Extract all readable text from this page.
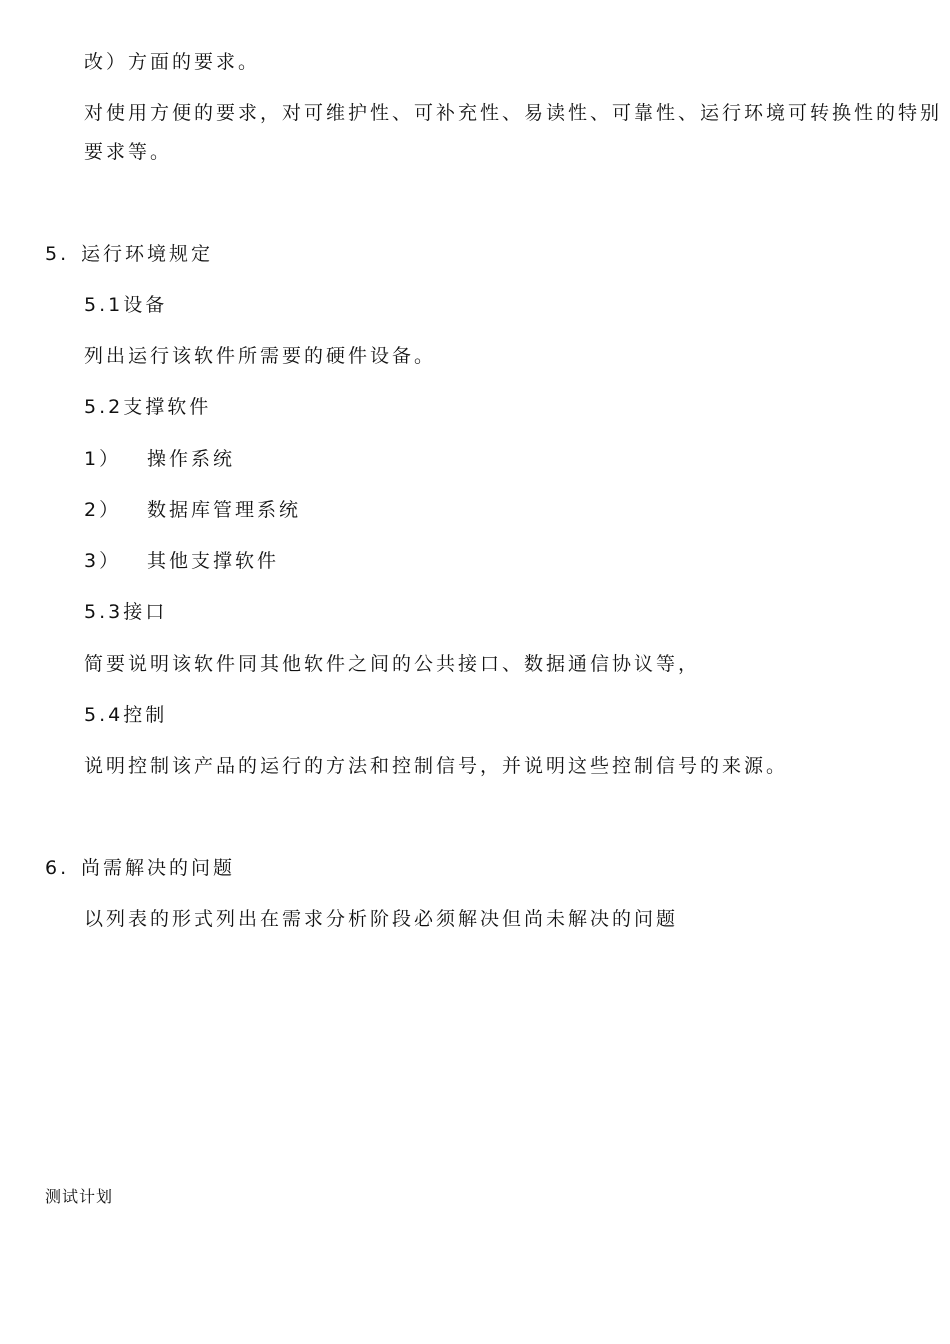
改）方面的要求。
对使用方便的要求，对可维护性、可补充性、易读性、可靠性、运行环境可转换性的特别
要求等。
5. 运行环境规定
5.1设备
列出运行该软件所需要的硬件设备。
5.2支撑软件
1） 操作系统
2） 数据库管理系统
3） 其他支撑软件
5.3接口
简要说明该软件同其他软件之间的公共接口、数据通信协议等，
5.4控制
说明控制该产品的运行的方法和控制信号，并说明这些控制信号的来源。
6. 尚需解决的问题
以列表的形式列出在需求分析阶段必须解决但尚未解决的问题
测试计划
